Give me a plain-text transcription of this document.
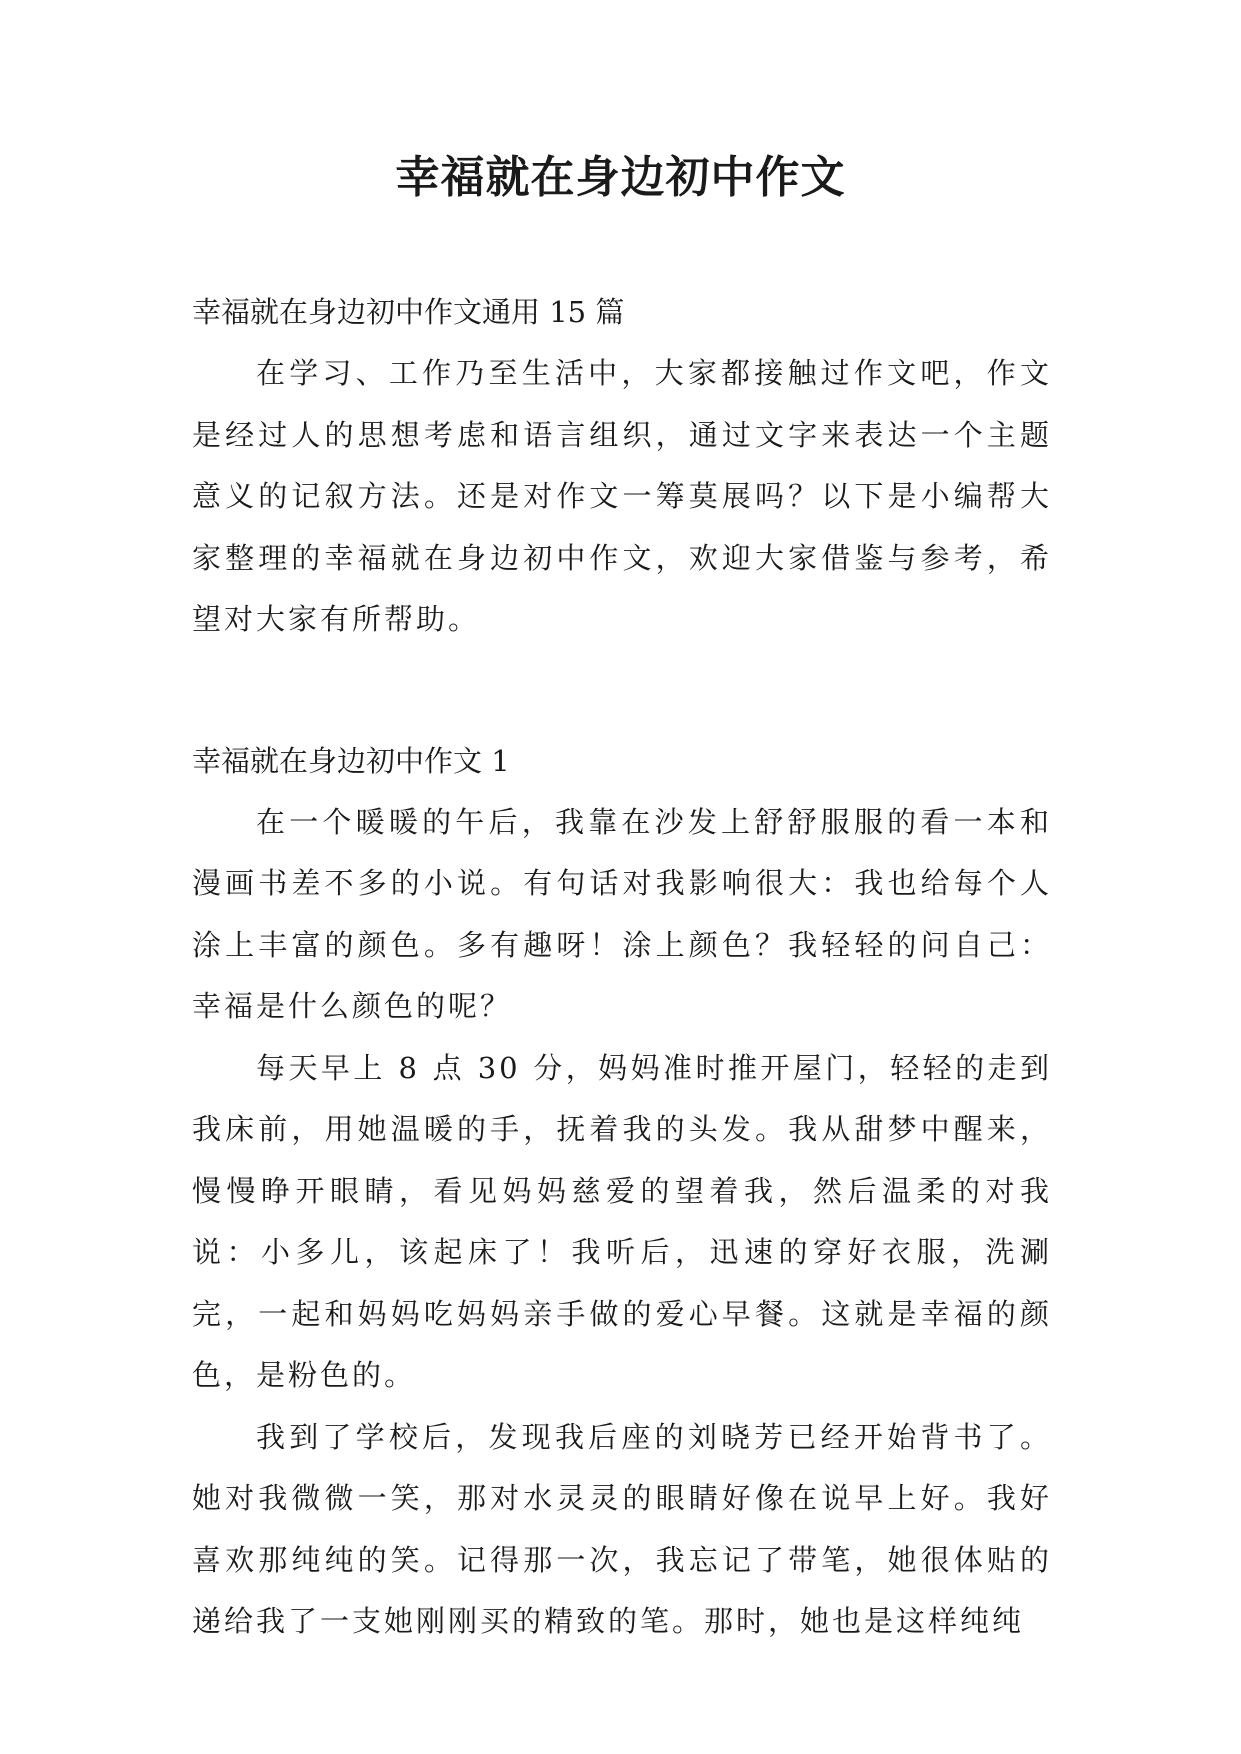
幸福就在身边初中作文

幸福就在身边初中作文通用 15 篇

在学习、工作乃至生活中，大家都接触过作文吧，作文是经过人的思想考虑和语言组织，通过文字来表达一个主题意义的记叙方法。还是对作文一筹莫展吗？以下是小编帮大家整理的幸福就在身边初中作文，欢迎大家借鉴与参考，希望对大家有所帮助。

幸福就在身边初中作文 1

在一个暖暖的午后，我靠在沙发上舒舒服服的看一本和漫画书差不多的小说。有句话对我影响很大：我也给每个人涂上丰富的颜色。多有趣呀！涂上颜色？我轻轻的问自己：幸福是什么颜色的呢？

每天早上 8 点 30 分，妈妈准时推开屋门，轻轻的走到我床前，用她温暖的手，抚着我的头发。我从甜梦中醒来，慢慢睁开眼睛，看见妈妈慈爱的望着我，然后温柔的对我说：小多儿，该起床了！我听后，迅速的穿好衣服，洗涮完，一起和妈妈吃妈妈亲手做的爱心早餐。这就是幸福的颜色，是粉色的。

我到了学校后，发现我后座的刘晓芳已经开始背书了。她对我微微一笑，那对水灵灵的眼睛好像在说早上好。我好喜欢那纯纯的笑。记得那一次，我忘记了带笔，她很体贴的递给我了一支她刚刚买的精致的笔。那时，她也是这样纯纯
